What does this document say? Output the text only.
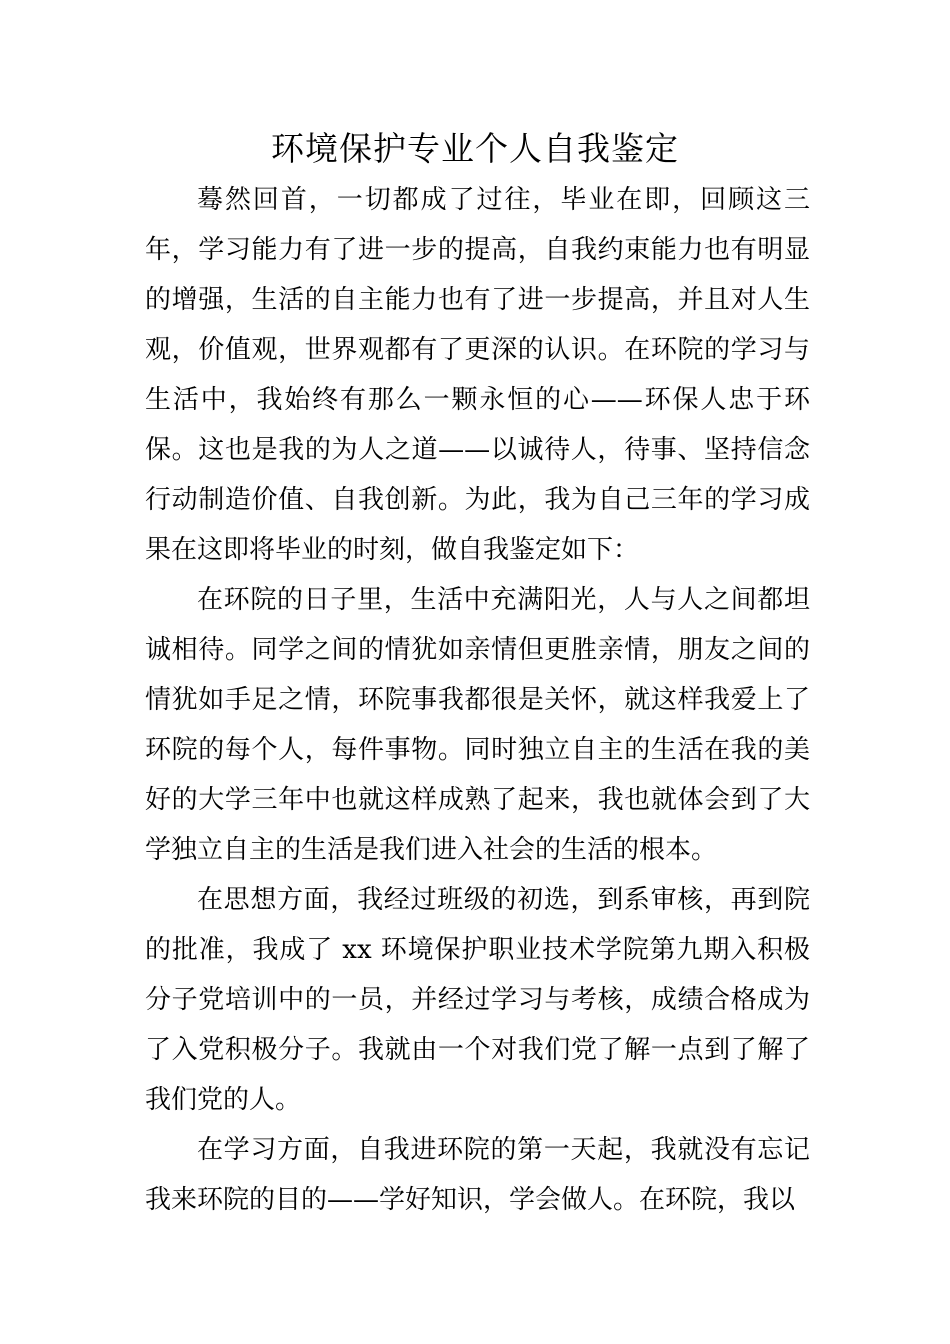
环境保护专业个人自我鉴定

蓦然回首，一切都成了过往，毕业在即，回顾这三年，学习能力有了进一步的提高，自我约束能力也有明显的增强，生活的自主能力也有了进一步提高，并且对人生观，价值观，世界观都有了更深的认识。在环院的学习与生活中，我始终有那么一颗永恒的心——环保人忠于环保。这也是我的为人之道——以诚待人，待事、坚持信念行动制造价值、自我创新。为此，我为自己三年的学习成果在这即将毕业的时刻，做自我鉴定如下：

在环院的日子里，生活中充满阳光，人与人之间都坦诚相待。同学之间的情犹如亲情但更胜亲情，朋友之间的情犹如手足之情，环院事我都很是关怀，就这样我爱上了环院的每个人，每件事物。同时独立自主的生活在我的美好的大学三年中也就这样成熟了起来，我也就体会到了大学独立自主的生活是我们进入社会的生活的根本。

在思想方面，我经过班级的初选，到系审核，再到院的批准，我成了 xx 环境保护职业技术学院第九期入积极分子党培训中的一员，并经过学习与考核，成绩合格成为了入党积极分子。我就由一个对我们党了解一点到了解了我们党的人。

在学习方面，自我进环院的第一天起，我就没有忘记我来环院的目的——学好知识，学会做人。在环院，我以
